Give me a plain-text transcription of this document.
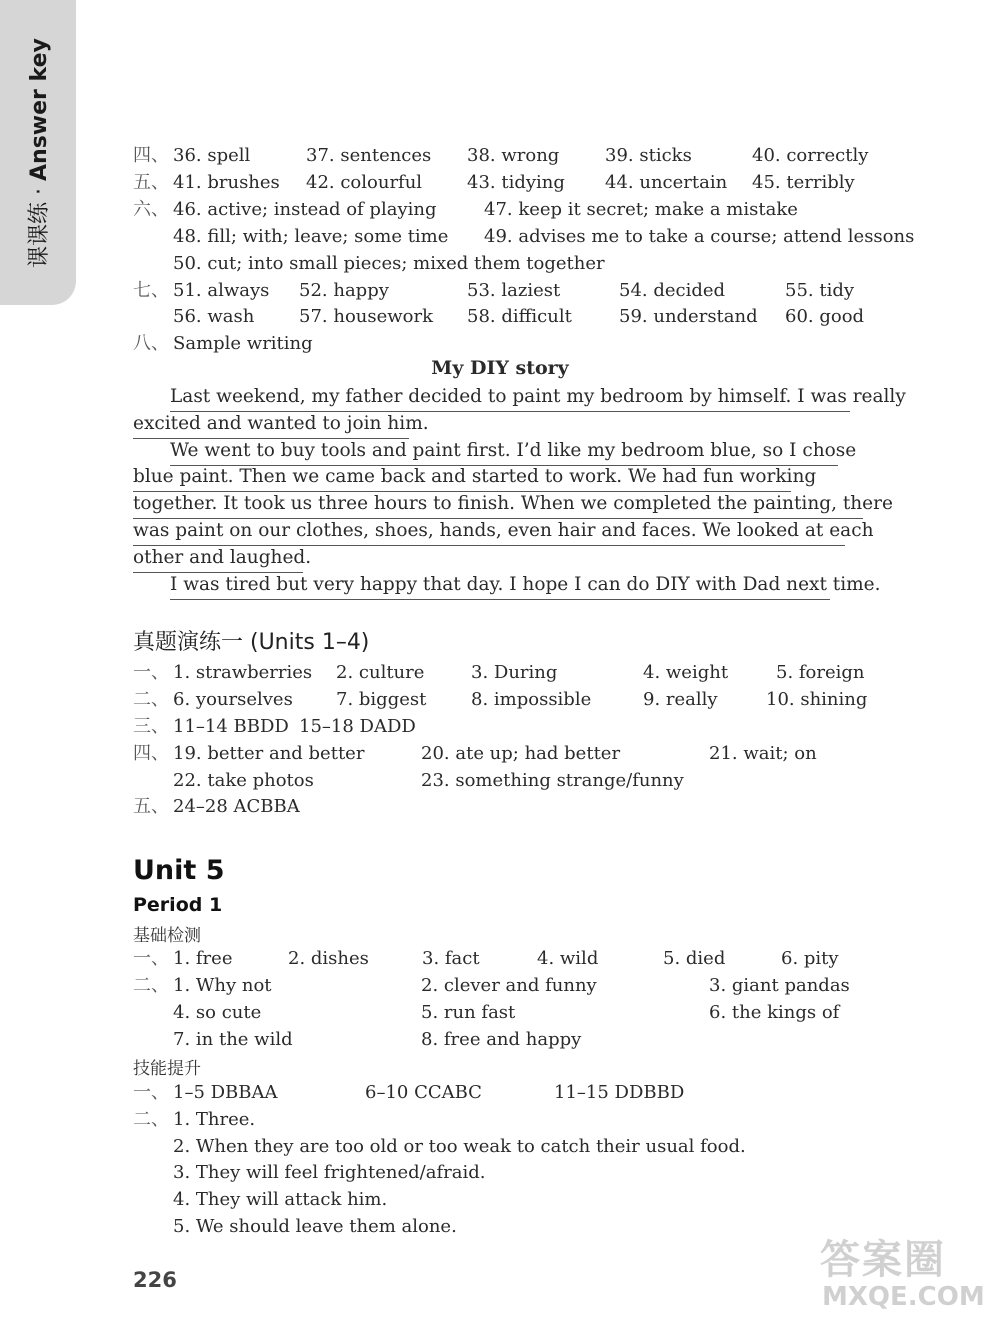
课课练 · Answer key	四、 36. spell	37. sentences 38. wrong	39. sticks	40. correctly
五、 41. brushes 42. colourful 43. tidying 44. uncertain 45. terribly
六、 46. active; instead of playing	47. keep it secret; make a mistake
48. fill; with; leave; some time 49. advises me to take a course; attend lessons
50. cut; into small pieces; mixed them together
七、 51. always 52. happy	53. laziest	54. decided	55. tidy
56. wash 57. housework 58. difficult	59. understand 60. good
八、 Sample writing
My DIY story
Last weekend, my father decided to paint my bedroom by himself. I was really
excited and wanted to join him.
We went to buy tools and paint first. I’d like my bedroom blue, so I chose
blue paint. Then we came back and started to work. We had fun working
together. It took us three hours to finish. When we completed the painting, there
was paint on our clothes, shoes, hands, even hair and faces. We looked at each
other and laughed.
I was tired but very happy that day. I hope I can do DIY with Dad next time.
真题演练一 (Units 1–4)
一、 1. strawberries 2. culture	3. During	4. weight	5. foreign
二、 6. yourselves 7. biggest 8. impossible	9. really	10. shining
三、 11–14 BBDD 15–18 DADD
四、 19. better and better	20. ate up; had better	21. wait; on
22. take photos	23. something strange/funny
五、 24–28 ACBBA
Unit 5
Period 1
基础检测
一、 1. free	2. dishes	3. fact	4. wild	5. died	6. pity
二、 1. Why not	2. clever and funny	3. giant pandas
4. so cute	5. run fast	6. the kings of
7. in the wild	8. free and happy
技能提升
一、 1–5 DBBAA	6–10 CCABC	11–15 DDBBD
二、 1. Three.
2. When they are too old or too weak to catch their usual food.
3. They will feel frightened/afraid.
4. They will attack him.
5. We should leave them alone.
226	答案圈
MXQE.COM
